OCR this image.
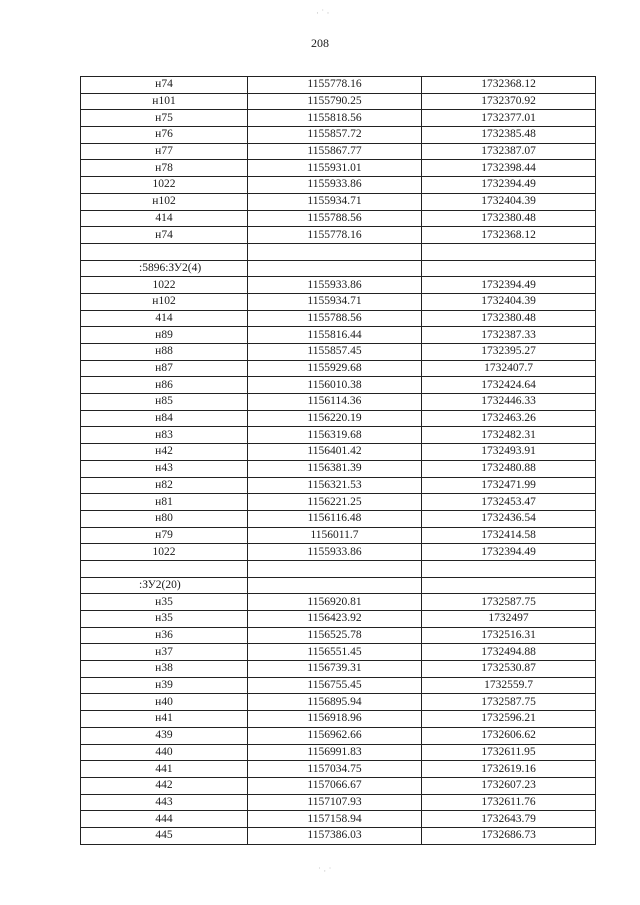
208
· ˙ ·
˙ · ˙
н74	1155778.16	1732368.12
н101	1155790.25	1732370.92
н75	1155818.56	1732377.01
н76	1155857.72	1732385.48
н77	1155867.77	1732387.07
н78	1155931.01	1732398.44
1022	1155933.86	1732394.49
н102	1155934.71	1732404.39
414	1155788.56	1732380.48
н74	1155778.16	1732368.12

:5896:ЗУ2(4)		
1022	1155933.86	1732394.49
н102	1155934.71	1732404.39
414	1155788.56	1732380.48
н89	1155816.44	1732387.33
н88	1155857.45	1732395.27
н87	1155929.68	1732407.7
н86	1156010.38	1732424.64
н85	1156114.36	1732446.33
н84	1156220.19	1732463.26
н83	1156319.68	1732482.31
н42	1156401.42	1732493.91
н43	1156381.39	1732480.88
н82	1156321.53	1732471.99
н81	1156221.25	1732453.47
н80	1156116.48	1732436.54
н79	1156011.7	1732414.58
1022	1155933.86	1732394.49

:ЗУ2(20)		
н35	1156920.81	1732587.75
н35	1156423.92	1732497
н36	1156525.78	1732516.31
н37	1156551.45	1732494.88
н38	1156739.31	1732530.87
н39	1156755.45	1732559.7
н40	1156895.94	1732587.75
н41	1156918.96	1732596.21
439	1156962.66	1732606.62
440	1156991.83	1732611.95
441	1157034.75	1732619.16
442	1157066.67	1732607.23
443	1157107.93	1732611.76
444	1157158.94	1732643.79
445	1157386.03	1732686.73
